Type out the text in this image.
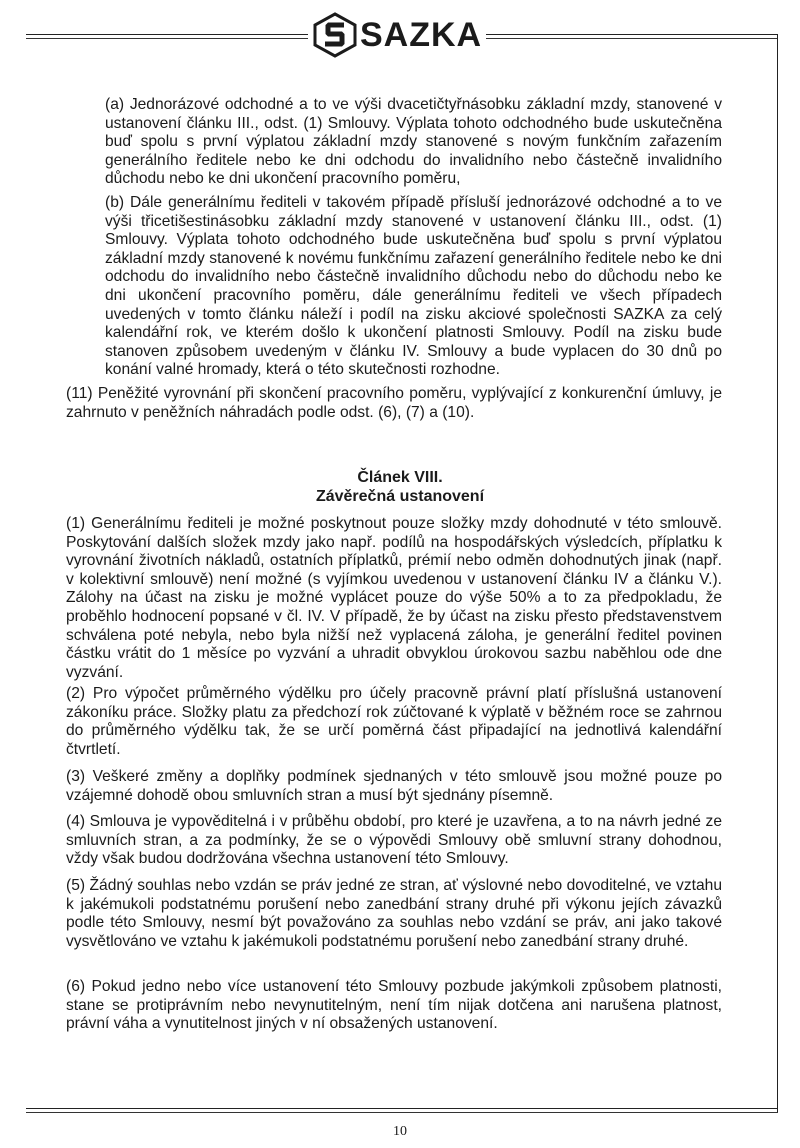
SAZKA
(a) Jednorázové odchodné a to ve výši dvacetičtyřnásobku základní mzdy, stanovené v ustanovení článku III., odst. (1) Smlouvy. Výplata tohoto odchodného bude uskutečněna buď spolu s první výplatou základní mzdy stanovené s novým funkčním zařazením generálního ředitele nebo ke dni odchodu do invalidního nebo částečně invalidního důchodu nebo ke dni ukončení pracovního poměru,
(b) Dále generálnímu řediteli v takovém případě přísluší jednorázové odchodné a to ve výši třicetišestinásobku základní mzdy stanovené v ustanovení článku III., odst. (1) Smlouvy. Výplata tohoto odchodného bude uskutečněna buď spolu s první výplatou základní mzdy stanovené k novému funkčnímu zařazení generálního ředitele nebo ke dni odchodu do invalidního nebo částečně invalidního důchodu nebo do důchodu nebo ke dni ukončení pracovního poměru, dále generálnímu řediteli ve všech případech uvedených v tomto článku náleží i podíl na zisku akciové společnosti SAZKA za celý kalendářní rok, ve kterém došlo k ukončení platnosti Smlouvy. Podíl na zisku bude stanoven způsobem uvedeným v článku IV. Smlouvy a bude vyplacen do 30 dnů po konání valné hromady, která o této skutečnosti rozhodne.
(11) Peněžité vyrovnání při skončení pracovního poměru, vyplývající z konkurenční úmluvy, je zahrnuto v peněžních náhradách podle odst. (6), (7) a (10).
Článek VIII.
Závěrečná ustanovení
(1) Generálnímu řediteli je možné poskytnout pouze složky mzdy dohodnuté v této smlouvě. Poskytování dalších složek mzdy jako např. podílů na hospodářských výsledcích, příplatku k vyrovnání životních nákladů, ostatních příplatků, prémií nebo odměn dohodnutých jinak (např. v kolektivní smlouvě) není možné (s vyjímkou uvedenou v ustanovení článku IV a článku V.). Zálohy na účast na zisku je možné vyplácet pouze do výše 50% a to za předpokladu, že proběhlo hodnocení popsané v čl. IV. V případě, že by účast na zisku přesto představenstvem schválena poté nebyla, nebo byla nižší než vyplacená záloha, je generální ředitel povinen částku vrátit do 1 měsíce po vyzvání a uhradit obvyklou úrokovou sazbu naběhlou ode dne vyzvání.
(2) Pro výpočet průměrného výdělku pro účely pracovně právní platí příslušná ustanovení zákoníku práce. Složky platu za předchozí rok zúčtované k výplatě v běžném roce se zahrnou do průměrného výdělku tak, že se určí poměrná část připadající na jednotlivá kalendářní čtvrtletí.
(3) Veškeré změny a doplňky podmínek sjednaných v této smlouvě jsou možné pouze po vzájemné dohodě obou smluvních stran a musí být sjednány písemně.
(4) Smlouva je vypověditelná i v průběhu období, pro které je uzavřena, a to na návrh jedné ze smluvních stran, a za podmínky, že se o výpovědi Smlouvy obě smluvní strany dohodnou, vždy však budou dodržována všechna ustanovení této Smlouvy.
(5) Žádný souhlas nebo vzdán se práv jedné ze stran, ať výslovné nebo dovoditelné, ve vztahu k jakémukoli podstatnému porušení nebo zanedbání strany druhé při výkonu jejích závazků podle této Smlouvy, nesmí být považováno za souhlas nebo vzdání se práv, ani jako takové vysvětlováno ve vztahu k jakémukoli podstatnému porušení nebo zanedbání strany druhé.
(6) Pokud jedno nebo více ustanovení této Smlouvy pozbude jakýmkoli způsobem platnosti, stane se protiprávním nebo nevynutitelným, není tím nijak dotčena ani narušena platnost, právní váha a vynutitelnost jiných v ní obsažených ustanovení.
10
